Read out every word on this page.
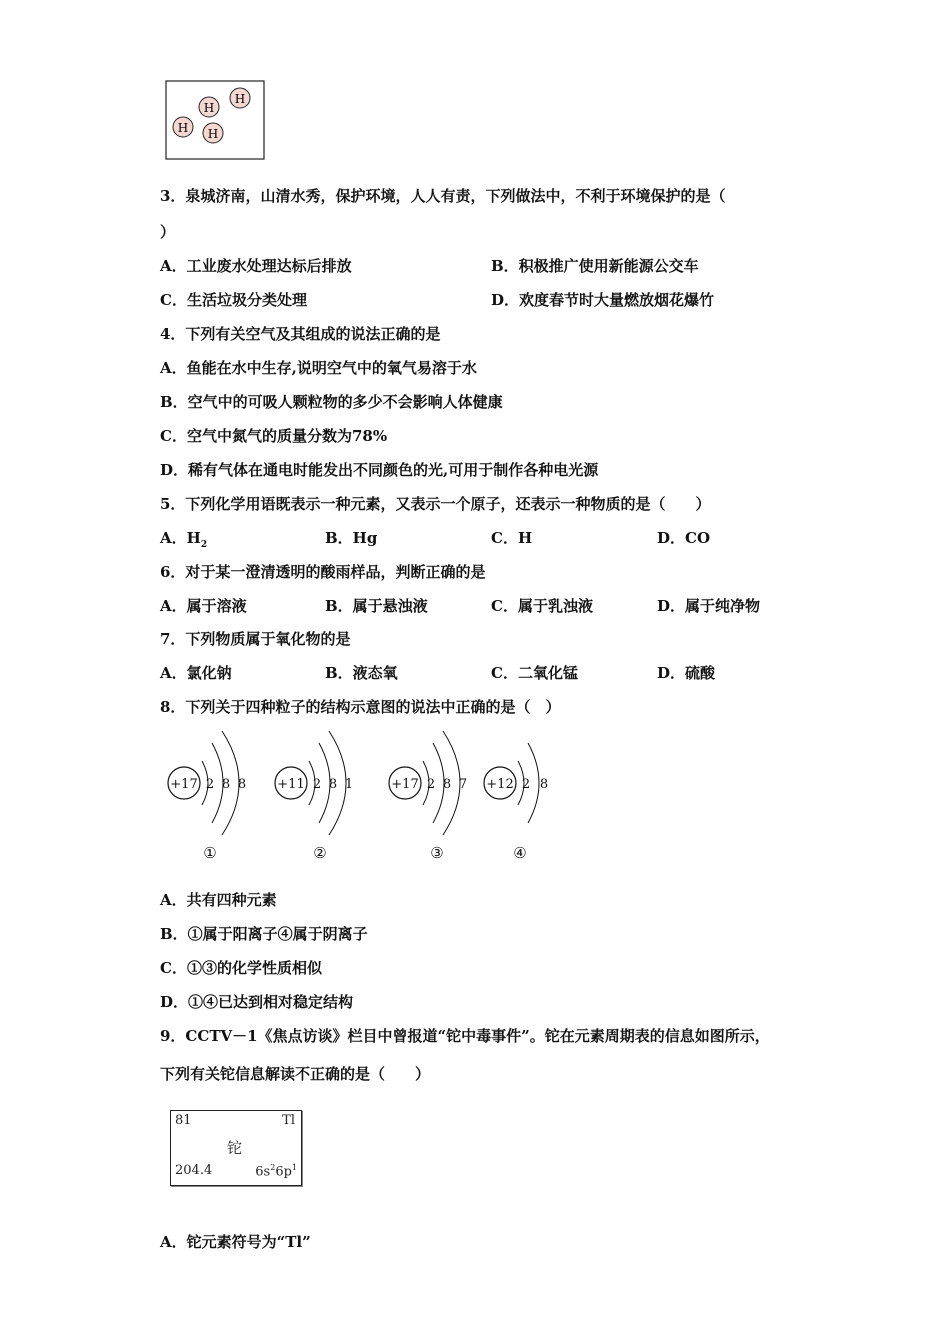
H
H
H H
3．泉城济南，山清水秀，保护环境，人人有责，下列做法中，不利于环境保护的是（
）
A．工业废水处理达标后排放	B．积极推广使用新能源公交车
C．生活垃圾分类处理	D．欢度春节时大量燃放烟花爆竹
4．下列有关空气及其组成的说法正确的是
A．鱼能在水中生存,说明空气中的氧气易溶于水
B．空气中的可吸人颗粒物的多少不会影响人体健康
C．空气中氮气的质量分数为78%
D．稀有气体在通电时能发出不同颜色的光,可用于制作各种电光源
5．下列化学用语既表示一种元素，又表示一个原子，还表示一种物质的是（　　）
A．$H_2$	B．Hg	C．H	D．CO
6．对于某一澄清透明的酸雨样品，判断正确的是
A．属于溶液	B．属于悬浊液	C．属于乳浊液	D．属于纯净物
7．下列物质属于氧化物的是
A．氯化钠	B．液态氧	C．二氧化锰	D．硫酸
8．下列关于四种粒子的结构示意图的说法中正确的是（　）
+17 2 8 8
①
+11 2 8 1
②
+17 2 8 7
③
+12 2 8
④
A．共有四种元素
B．①属于阳离子④属于阴离子
C．①③的化学性质相似
D．①④已达到相对稳定结构
9．CCTV－1《焦点访谈》栏目中曾报道“铊中毒事件”。铊在元素周期表的信息如图所示，
下列有关铊信息解读不正确的是（　　）
81	Tl
铊
204.4	$6s^26p^1$
A．铊元素符号为“Tl”
